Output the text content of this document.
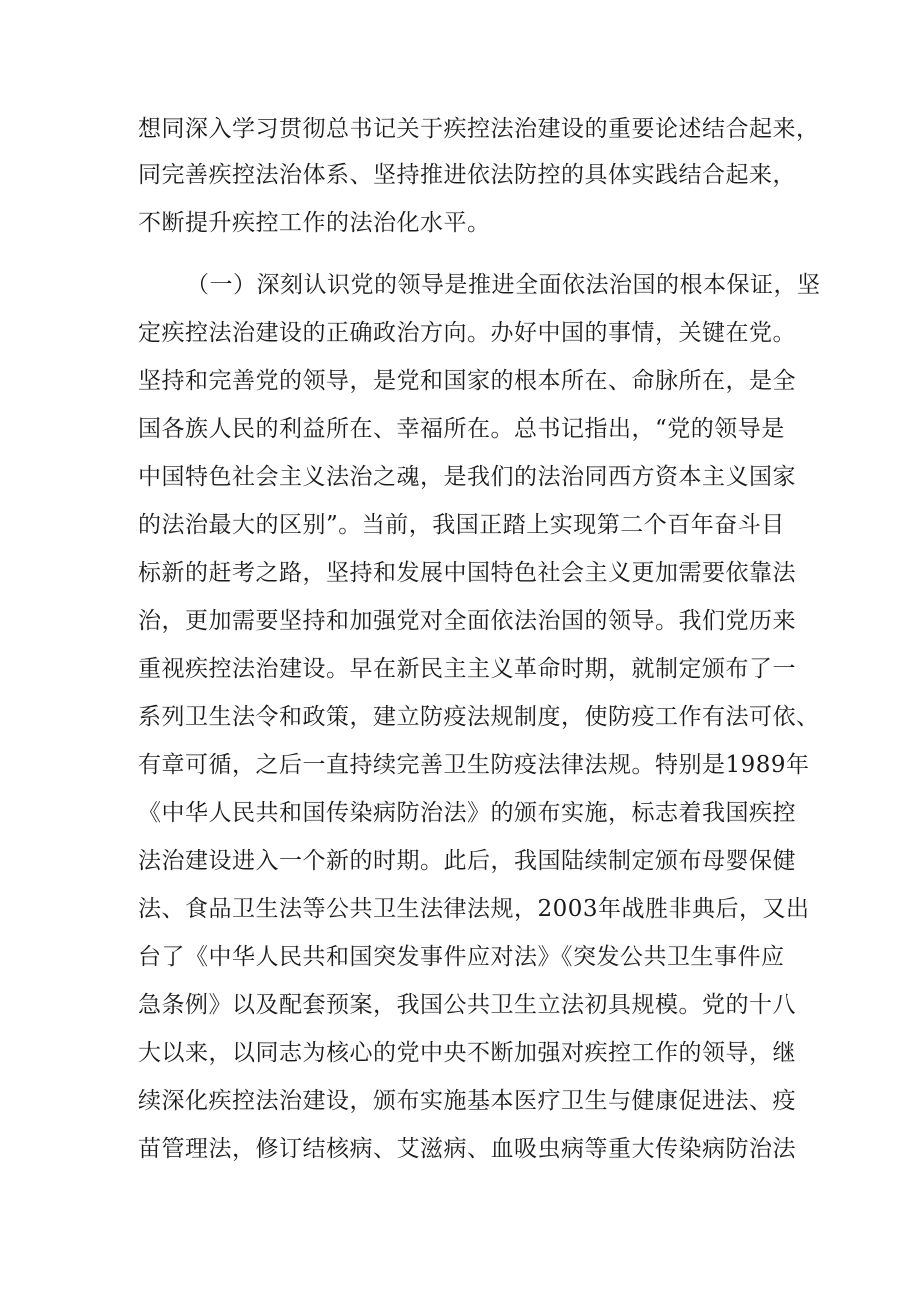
想同深入学习贯彻总书记关于疾控法治建设的重要论述结合起来，
同完善疾控法治体系、坚持推进依法防控的具体实践结合起来，
不断提升疾控工作的法治化水平。
（一）深刻认识党的领导是推进全面依法治国的根本保证，坚
定疾控法治建设的正确政治方向。办好中国的事情，关键在党。
坚持和完善党的领导，是党和国家的根本所在、命脉所在，是全
国各族人民的利益所在、幸福所在。总书记指出，“党的领导是
中国特色社会主义法治之魂，是我们的法治同西方资本主义国家
的法治最大的区别”。当前，我国正踏上实现第二个百年奋斗目
标新的赶考之路，坚持和发展中国特色社会主义更加需要依靠法
治，更加需要坚持和加强党对全面依法治国的领导。我们党历来
重视疾控法治建设。早在新民主主义革命时期，就制定颁布了一
系列卫生法令和政策，建立防疫法规制度，使防疫工作有法可依、
有章可循，之后一直持续完善卫生防疫法律法规。特别是1989年
《中华人民共和国传染病防治法》的颁布实施，标志着我国疾控
法治建设进入一个新的时期。此后，我国陆续制定颁布母婴保健
法、食品卫生法等公共卫生法律法规，2003年战胜非典后，又出
台了《中华人民共和国突发事件应对法》《突发公共卫生事件应
急条例》以及配套预案，我国公共卫生立法初具规模。党的十八
大以来，以同志为核心的党中央不断加强对疾控工作的领导，继
续深化疾控法治建设，颁布实施基本医疗卫生与健康促进法、疫
苗管理法，修订结核病、艾滋病、血吸虫病等重大传染病防治法
